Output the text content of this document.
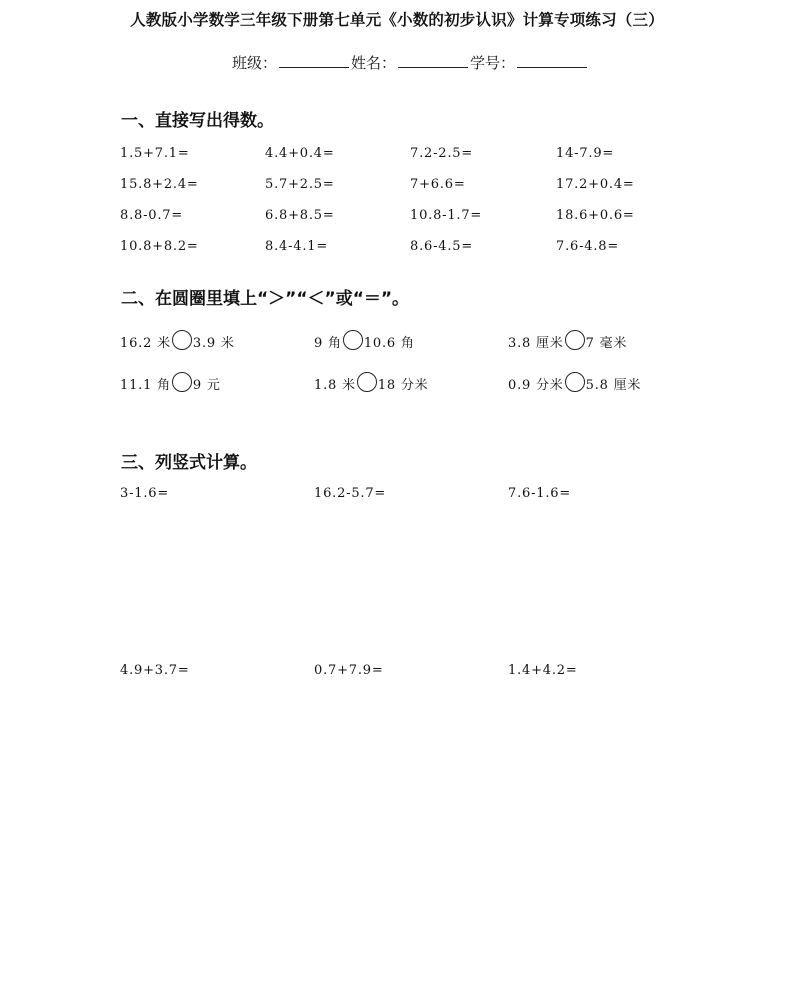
人教版小学数学三年级下册第七单元《小数的初步认识》计算专项练习（三）
班级：	姓名：	学号：
一、直接写出得数。
1.5+7.1=	4.4+0.4=	7.2-2.5=	14-7.9=
15.8+2.4=	5.7+2.5=	7+6.6=	17.2+0.4=
8.8-0.7=	6.8+8.5=	10.8-1.7=	18.6+0.6=
10.8+8.2=	8.4-4.1=	8.6-4.5=	7.6-4.8=
二、在圆圈里填上“＞”“＜”或“＝”。
16.2 米 3.9 米	9 角 10.6 角	3.8 厘米 7 毫米
11.1 角 9 元	1.8 米 18 分米	0.9 分米 5.8 厘米
三、列竖式计算。
3-1.6=	16.2-5.7=	7.6-1.6=
4.9+3.7=	0.7+7.9=	1.4+4.2=
